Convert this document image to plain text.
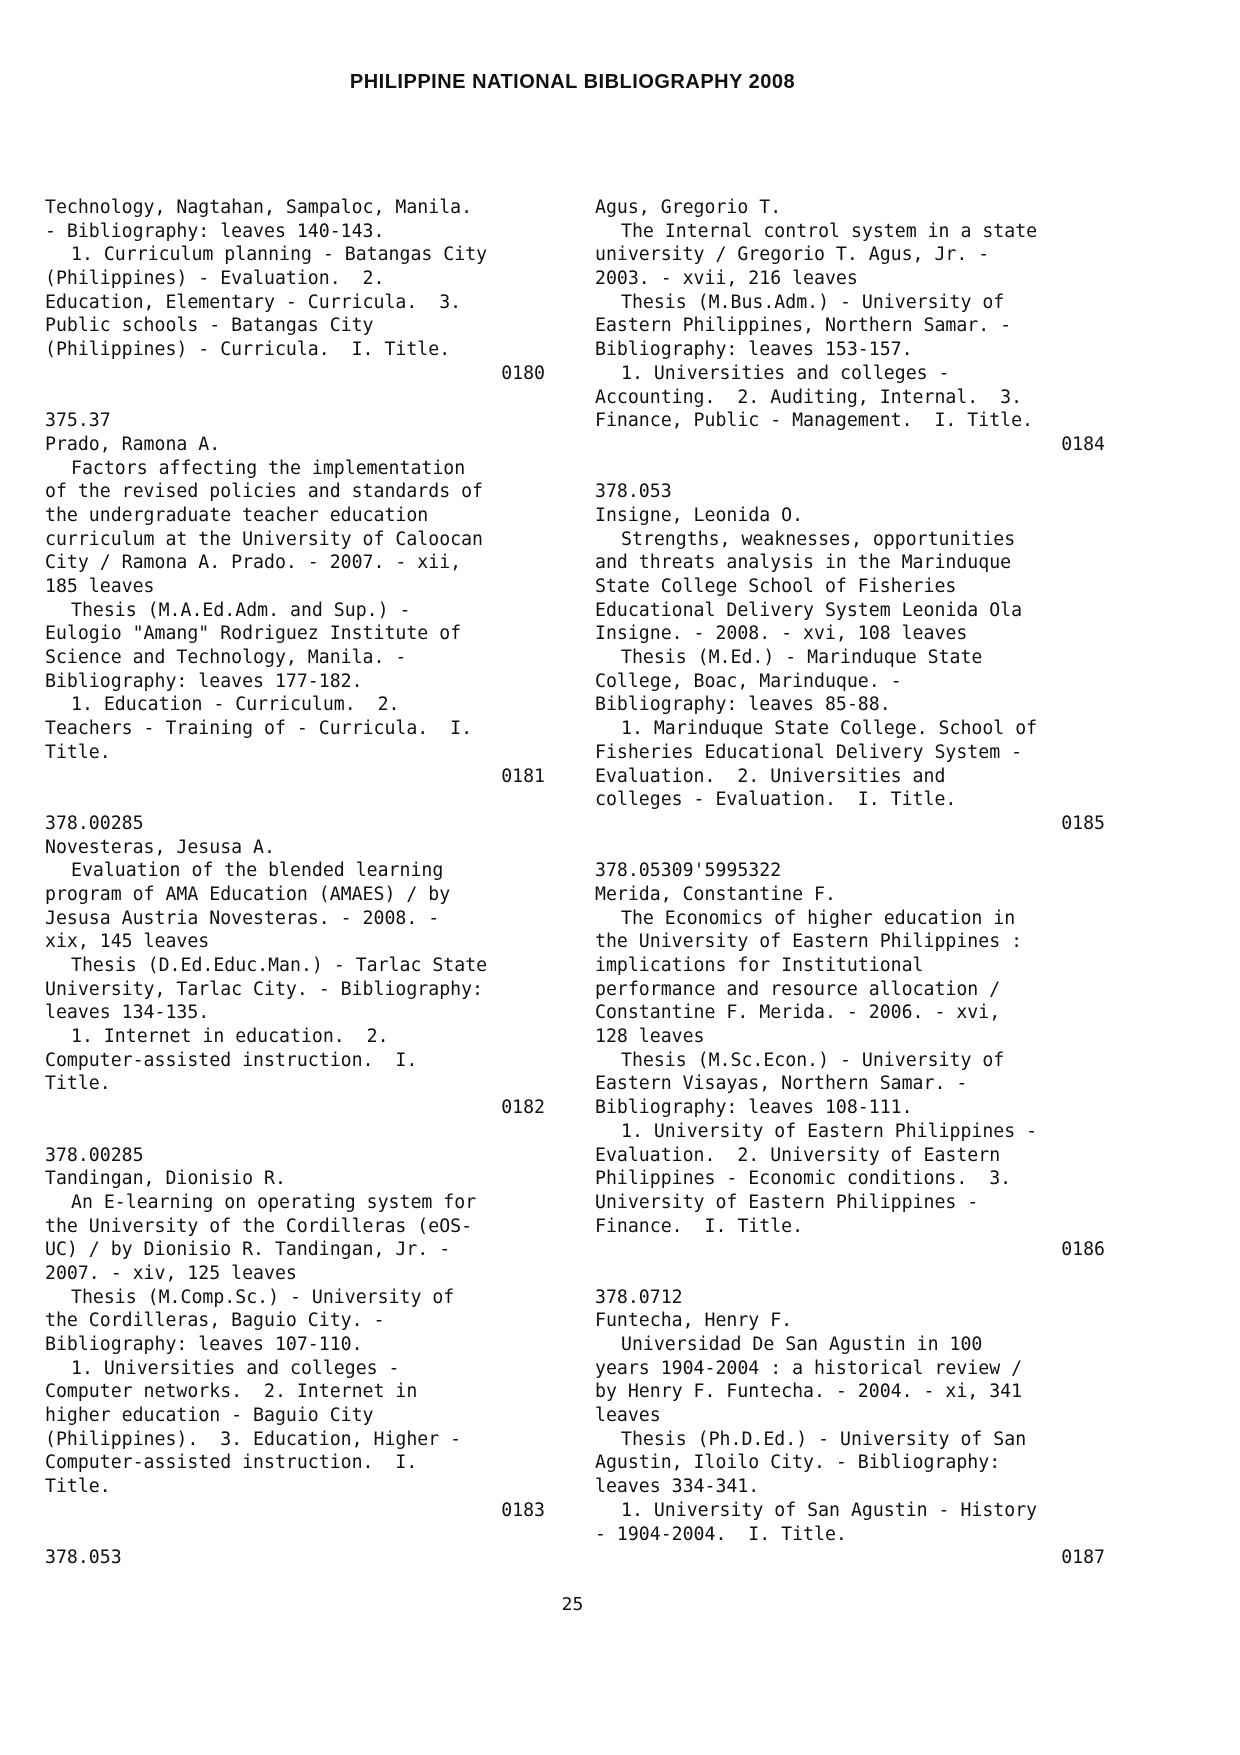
PHILIPPINE NATIONAL BIBLIOGRAPHY 2008
Technology, Nagtahan, Sampaloc, Manila.
- Bibliography: leaves 140-143.
1. Curriculum planning - Batangas City
(Philippines) - Evaluation.  2.
Education, Elementary - Curricula.  3.
Public schools - Batangas City
(Philippines) - Curricula.  I. Title.
0180
375.37
Prado, Ramona A.
Factors affecting the implementation
of the revised policies and standards of
the undergraduate teacher education
curriculum at the University of Caloocan
City / Ramona A. Prado. - 2007. - xii,
185 leaves
Thesis (M.A.Ed.Adm. and Sup.) -
Eulogio "Amang" Rodriguez Institute of
Science and Technology, Manila. -
Bibliography: leaves 177-182.
1. Education - Curriculum.  2.
Teachers - Training of - Curricula.  I.
Title.
0181
378.00285
Novesteras, Jesusa A.
Evaluation of the blended learning
program of AMA Education (AMAES) / by
Jesusa Austria Novesteras. - 2008. -
xix, 145 leaves
Thesis (D.Ed.Educ.Man.) - Tarlac State
University, Tarlac City. - Bibliography:
leaves 134-135.
1. Internet in education.  2.
Computer-assisted instruction.  I.
Title.
0182
378.00285
Tandingan, Dionisio R.
An E-learning on operating system for
the University of the Cordilleras (eOS-
UC) / by Dionisio R. Tandingan, Jr. -
2007. - xiv, 125 leaves
Thesis (M.Comp.Sc.) - University of
the Cordilleras, Baguio City. -
Bibliography: leaves 107-110.
1. Universities and colleges -
Computer networks.  2. Internet in
higher education - Baguio City
(Philippines).  3. Education, Higher -
Computer-assisted instruction.  I.
Title.
0183
378.053
Agus, Gregorio T.
The Internal control system in a state
university / Gregorio T. Agus, Jr. -
2003. - xvii, 216 leaves
Thesis (M.Bus.Adm.) - University of
Eastern Philippines, Northern Samar. -
Bibliography: leaves 153-157.
1. Universities and colleges -
Accounting.  2. Auditing, Internal.  3.
Finance, Public - Management.  I. Title.
0184
378.053
Insigne, Leonida O.
Strengths, weaknesses, opportunities
and threats analysis in the Marinduque
State College School of Fisheries
Educational Delivery System Leonida Ola
Insigne. - 2008. - xvi, 108 leaves
Thesis (M.Ed.) - Marinduque State
College, Boac, Marinduque. -
Bibliography: leaves 85-88.
1. Marinduque State College. School of
Fisheries Educational Delivery System -
Evaluation.  2. Universities and
colleges - Evaluation.  I. Title.
0185
378.05309'5995322
Merida, Constantine F.
The Economics of higher education in
the University of Eastern Philippines :
implications for Institutional
performance and resource allocation /
Constantine F. Merida. - 2006. - xvi,
128 leaves
Thesis (M.Sc.Econ.) - University of
Eastern Visayas, Northern Samar. -
Bibliography: leaves 108-111.
1. University of Eastern Philippines -
Evaluation.  2. University of Eastern
Philippines - Economic conditions.  3.
University of Eastern Philippines -
Finance.  I. Title.
0186
378.0712
Funtecha, Henry F.
Universidad De San Agustin in 100
years 1904-2004 : a historical review /
by Henry F. Funtecha. - 2004. - xi, 341
leaves
Thesis (Ph.D.Ed.) - University of San
Agustin, Iloilo City. - Bibliography:
leaves 334-341.
1. University of San Agustin - History
- 1904-2004.  I. Title.
0187
25
